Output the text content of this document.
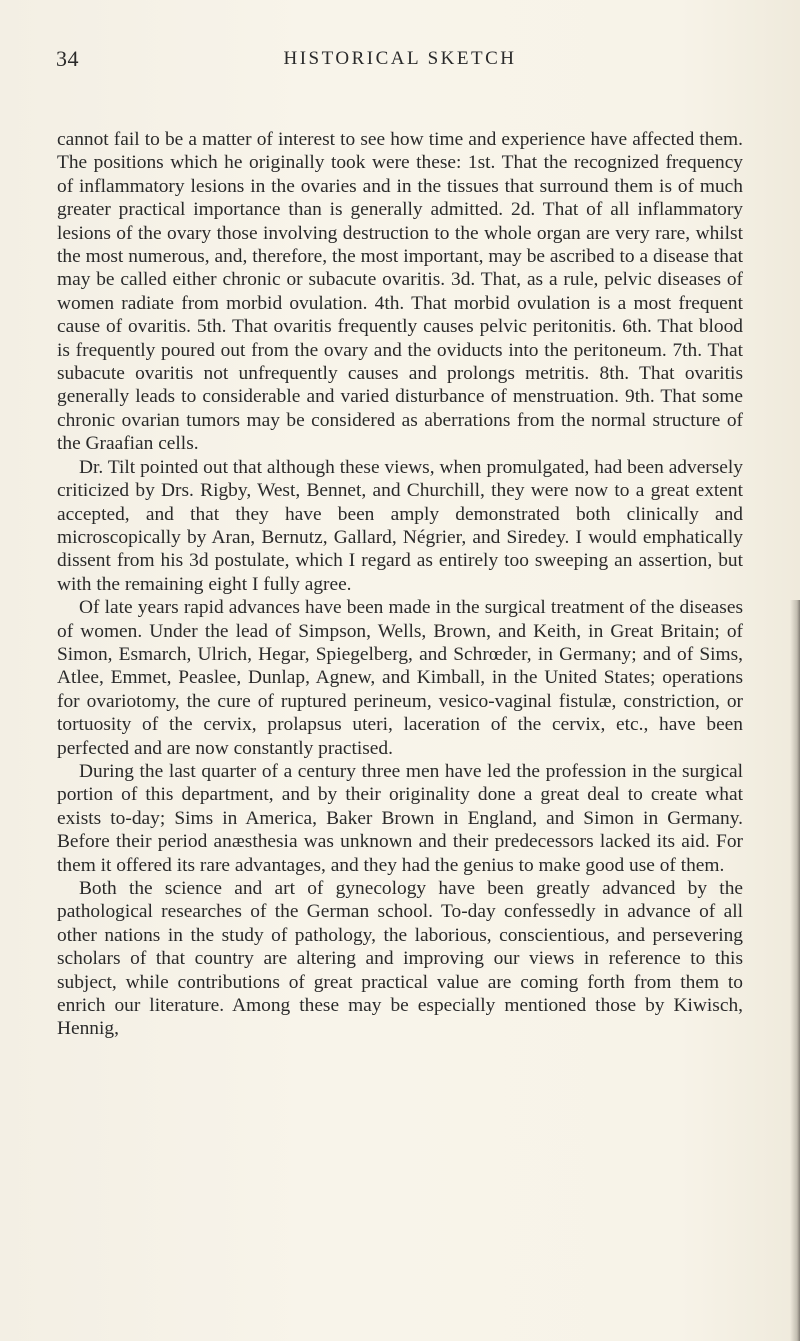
34	HISTORICAL SKETCH

cannot fail to be a matter of interest to see how time and experience have affected them. The positions which he originally took were these: 1st. That the recognized frequency of inflammatory lesions in the ovaries and in the tissues that surround them is of much greater practical importance than is generally admitted. 2d. That of all inflammatory lesions of the ovary those involving destruction to the whole organ are very rare, whilst the most numerous, and, therefore, the most important, may be ascribed to a disease that may be called either chronic or subacute ovaritis. 3d. That, as a rule, pelvic diseases of women radiate from morbid ovulation. 4th. That morbid ovulation is a most frequent cause of ovaritis. 5th. That ovaritis frequently causes pelvic peritonitis. 6th. That blood is frequently poured out from the ovary and the oviducts into the peritoneum. 7th. That subacute ovaritis not unfrequently causes and prolongs metritis. 8th. That ovaritis generally leads to considerable and varied disturbance of menstruation. 9th. That some chronic ovarian tumors may be considered as aberrations from the normal structure of the Graafian cells.

Dr. Tilt pointed out that although these views, when promulgated, had been adversely criticized by Drs. Rigby, West, Bennet, and Churchill, they were now to a great extent accepted, and that they have been amply demonstrated both clinically and microscopically by Aran, Bernutz, Gallard, Négrier, and Siredey. I would emphatically dissent from his 3d postulate, which I regard as entirely too sweeping an assertion, but with the remaining eight I fully agree.

Of late years rapid advances have been made in the surgical treatment of the diseases of women. Under the lead of Simpson, Wells, Brown, and Keith, in Great Britain; of Simon, Esmarch, Ulrich, Hegar, Spiegelberg, and Schrœder, in Germany; and of Sims, Atlee, Emmet, Peaslee, Dunlap, Agnew, and Kimball, in the United States; operations for ovariotomy, the cure of ruptured perineum, vesico-vaginal fistulæ, constriction, or tortuosity of the cervix, prolapsus uteri, laceration of the cervix, etc., have been perfected and are now constantly practised.

During the last quarter of a century three men have led the profession in the surgical portion of this department, and by their originality done a great deal to create what exists to-day; Sims in America, Baker Brown in England, and Simon in Germany. Before their period anæsthesia was unknown and their predecessors lacked its aid. For them it offered its rare advantages, and they had the genius to make good use of them.

Both the science and art of gynecology have been greatly advanced by the pathological researches of the German school. To-day confessedly in advance of all other nations in the study of pathology, the laborious, conscientious, and persevering scholars of that country are altering and improving our views in reference to this subject, while contributions of great practical value are coming forth from them to enrich our literature. Among these may be especially mentioned those by Kiwisch, Hennig,
